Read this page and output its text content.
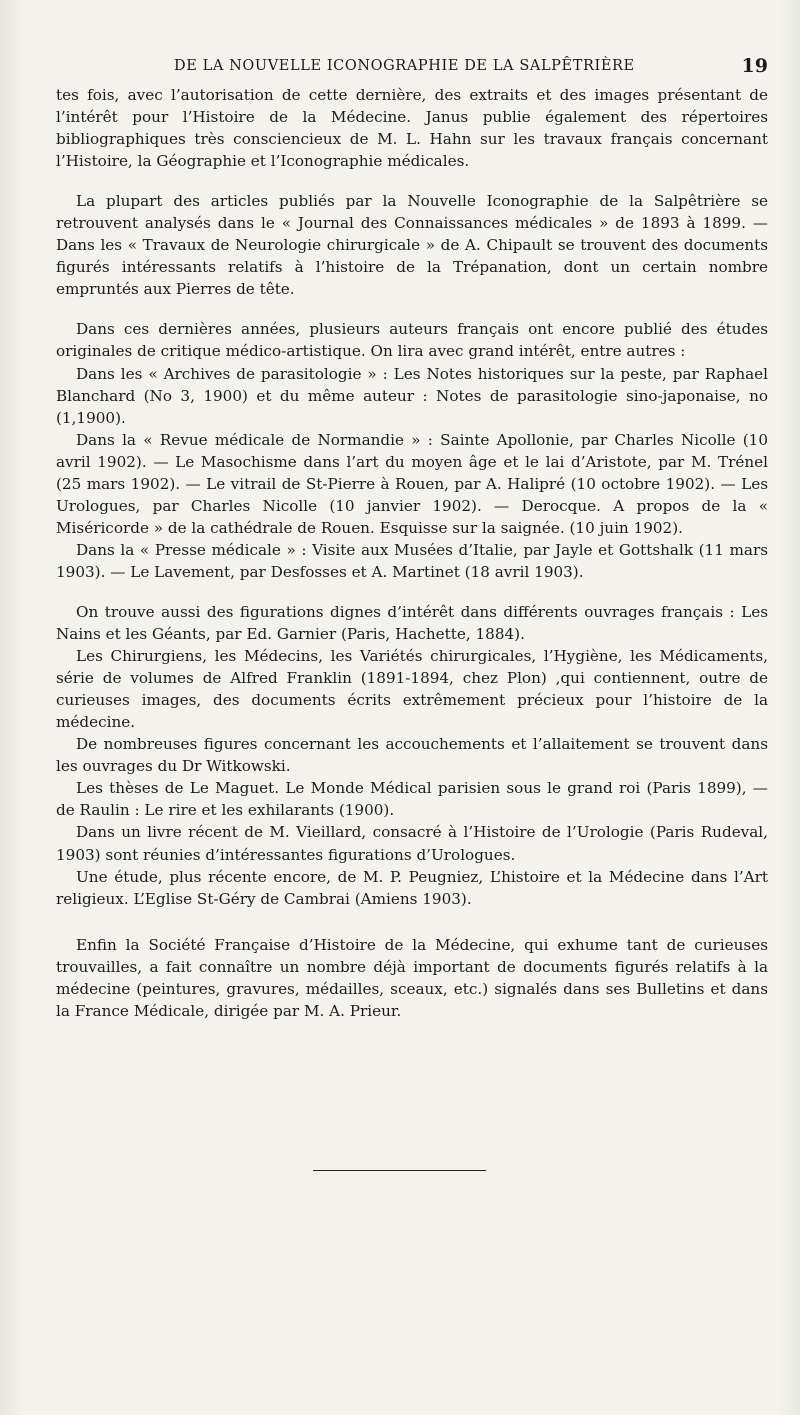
DE LA NOUVELLE ICONOGRAPHIE DE LA SALPÊTRIÈRE	19

tes fois, avec l’autorisation de cette dernière, des extraits et des images présentant de l’intérêt pour l’Histoire de la Médecine. Janus publie également des répertoires bibliographiques très consciencieux de M. L. Hahn sur les travaux français concernant l’Histoire, la Géographie et l’Iconographie médicales.

La plupart des articles publiés par la Nouvelle Iconographie de la Salpêtrière se retrouvent analysés dans le « Journal des Connaissances médicales » de 1893 à 1899. — Dans les « Travaux de Neurologie chirurgicale » de A. Chipault se trouvent des documents figurés intéressants relatifs à l’histoire de la Trépanation, dont un certain nombre empruntés aux Pierres de tête.

Dans ces dernières années, plusieurs auteurs français ont encore publié des études originales de critique médico-artistique. On lira avec grand intérêt, entre autres :

Dans les « Archives de parasitologie » : Les Notes historiques sur la peste, par Raphael Blanchard (No 3, 1900) et du même auteur : Notes de parasitologie sino-japonaise, no (1,1900).

Dans la « Revue médicale de Normandie » : Sainte Apollonie, par Charles Nicolle (10 avril 1902). — Le Masochisme dans l’art du moyen âge et le lai d’Aristote, par M. Trénel (25 mars 1902). — Le vitrail de St-Pierre à Rouen, par A. Halipré (10 octobre 1902). — Les Urologues, par Charles Nicolle (10 janvier 1902). — Derocque. A propos de la « Miséricorde » de la cathédrale de Rouen. Esquisse sur la saignée. (10 juin 1902).

Dans la « Presse médicale » : Visite aux Musées d’Italie, par Jayle et Gottshalk (11 mars 1903). — Le Lavement, par Desfosses et A. Martinet (18 avril 1903).

On trouve aussi des figurations dignes d’intérêt dans différents ouvrages français : Les Nains et les Géants, par Ed. Garnier (Paris, Hachette, 1884).

Les Chirurgiens, les Médecins, les Variétés chirurgicales, l’Hygiène, les Médicaments, série de volumes de Alfred Franklin (1891-1894, chez Plon) ,qui contiennent, outre de curieuses images, des documents écrits extrêmement précieux pour l’histoire de la médecine.

De nombreuses figures concernant les accouchements et l’allaitement se trouvent dans les ouvrages du Dr Witkowski.

Les thèses de Le Maguet. Le Monde Médical parisien sous le grand roi (Paris 1899), — de Raulin : Le rire et les exhilarants (1900).

Dans un livre récent de M. Vieillard, consacré à l’Histoire de l’Urologie (Paris Rudeval, 1903) sont réunies d’intéressantes figurations d’Urologues.

Une étude, plus récente encore, de M. P. Peugniez, L’histoire et la Médecine dans l’Art religieux. L’Eglise St-Géry de Cambrai (Amiens 1903).

Enfin la Société Française d’Histoire de la Médecine, qui exhume tant de curieuses trouvailles, a fait connaître un nombre déjà important de documents figurés relatifs à la médecine (peintures, gravures, médailles, sceaux, etc.) signalés dans ses Bulletins et dans la France Médicale, dirigée par M. A. Prieur.
